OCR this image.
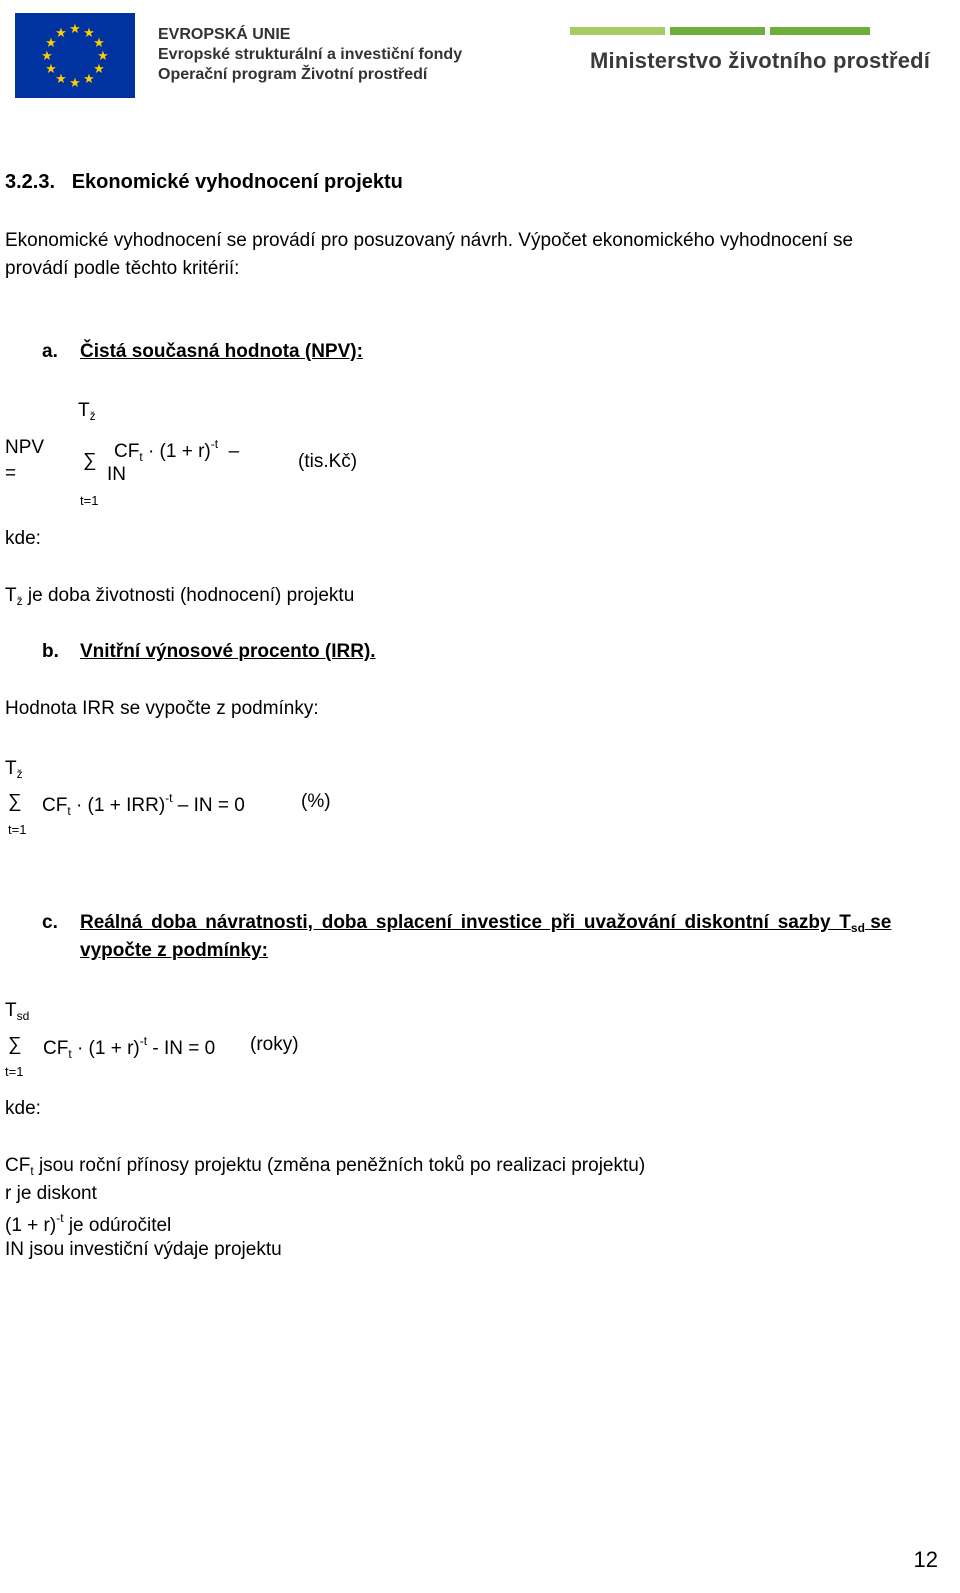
★ ★
★
★
★
★
★
★
★
★
★
★	EVROPSKÁ UNIE
Evropské strukturální a investiční fondy
Operační program Životní prostředí
Ministerstvo životního prostředí
3.2.3. Ekonomické vyhodnocení projektu
Ekonomické vyhodnocení se provádí pro posuzovaný návrh. Výpočet ekonomického vyhodnocení se
provádí podle těchto kritérií:
a. Čistá současná hodnota (NPV):
$T_ž$
NPV
=
∑ $CF_t \cdot (1 + r)^{-t}$ –
IN
(tis.Kč)
t=1
kde:
$T_ž$ je doba životnosti (hodnocení) projektu
b. Vnitřní výnosové procento (IRR).
Hodnota IRR se vypočte z podmínky:
$T_ž$
∑ $CF_t \cdot (1 + IRR)^{-t}$ – IN = 0	(%)
t=1
c. Reálná doba návratnosti, doba splacení investice při uvažování diskontní sazby $T_{sd}$ se
vypočte z podmínky:
$T_{sd}$
∑ $CF_t \cdot (1 + r)^{-t}$ - IN = 0 (roky)
t=1
kde:
$CF_t$ jsou roční přínosy projektu (změna peněžních toků po realizaci projektu)
r je diskont
$(1 + r)^{-t}$ je odúročitel
IN jsou investiční výdaje projektu
12
